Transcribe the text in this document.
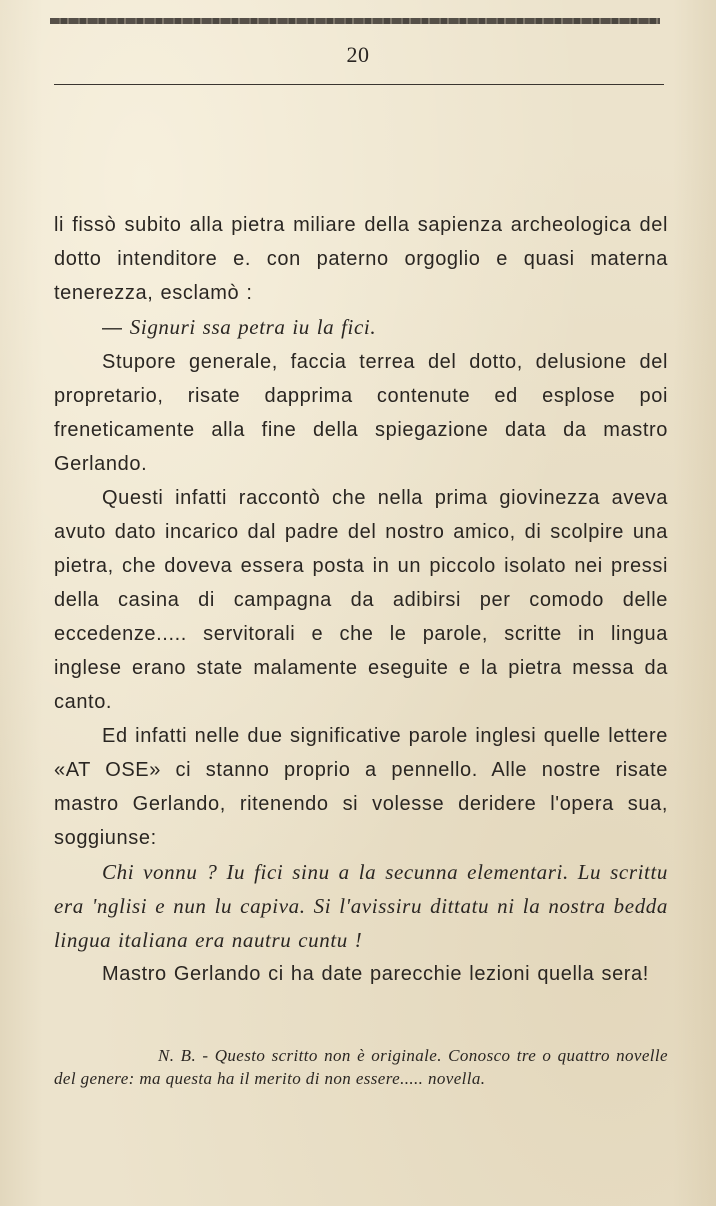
20

li fissò subito alla pietra miliare della sapienza archeologica del dotto intenditore e. con paterno orgoglio e quasi materna tenerezza, esclamò :

— Signuri ssa petra iu la fici.

Stupore generale, faccia terrea del dotto, delusione del propretario, risate dapprima contenute ed esplose poi freneticamente alla fine della spiegazione data da mastro Gerlando.

Questi infatti raccontò che nella prima giovinezza aveva avuto dato incarico dal padre del nostro amico, di scolpire una pietra, che doveva essera posta in un piccolo isolato nei pressi della casina di campagna da adibirsi per comodo delle eccedenze..... servitorali e che le parole, scritte in lingua inglese erano state malamente eseguite e la pietra messa da canto.

Ed infatti nelle due significative parole inglesi quelle lettere «AT OSE» ci stanno proprio a pennello. Alle nostre risate mastro Gerlando, ritenendo si volesse deridere l'opera sua, soggiunse:

Chi vonnu ? Iu fici sinu a la secunna elementari. Lu scrittu era 'nglisi e nun lu capiva. Si l'avissiru dittatu ni la nostra bedda lingua italiana era nautru cuntu !

Mastro Gerlando ci ha date parecchie lezioni quella sera!

N. B. - Questo scritto non è originale. Conosco tre o quattro novelle del genere: ma questa ha il merito di non essere..... novella.
